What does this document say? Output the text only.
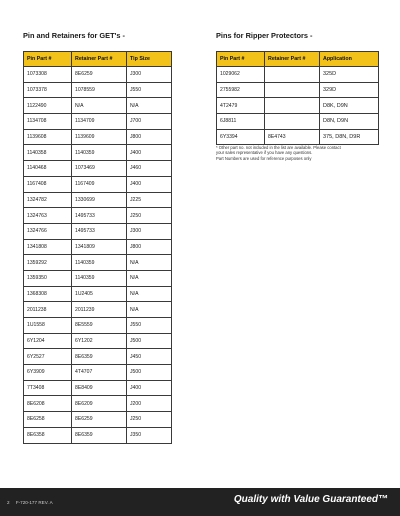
Pin and Retainers for GET's -	Pins for Ripper Protectors -
Pin Part #	Retainer Part #	Tip Size
1073308	8E6259	J300
1073378	1078559	J550
1122490	N/A	N/A
1134708	1134709	J700
1139608	1139609	J800
1140358	1140359	J400
1140468	1073469	J460
1167408	1167409	J400
1324782	1330699	J225
1324763	1495733	J250
1324766	1495733	J300
1341808	1341809	J800
1359292	1140359	N/A
1359350	1140359	N/A
1368308	1U2405	N/A
2011238	2011239	N/A
1U1558	8E5559	J550
6Y1204	6Y1202	J500
6Y2527	8E6359	J450
6Y3909	4T4707	J500
7T3408	8E8409	J400
8E6208	8E6209	J200
8E6258	8E6259	J250
8E6358	8E6359	J350
Pin Part #	Retainer Part #	Application
1029062		325D
2755982		329D
4T2479		D8K, D9N
6J8811		D8N, D9N
6Y3394	8E4743	375, D8N, D9R
* Other part no. not included in the list are available. Please contact
your sales representative if you have any questions.
Part Numbers are used for reference purposes only
2 F-720-177 REV. A	Quality with Value Guaranteed™
